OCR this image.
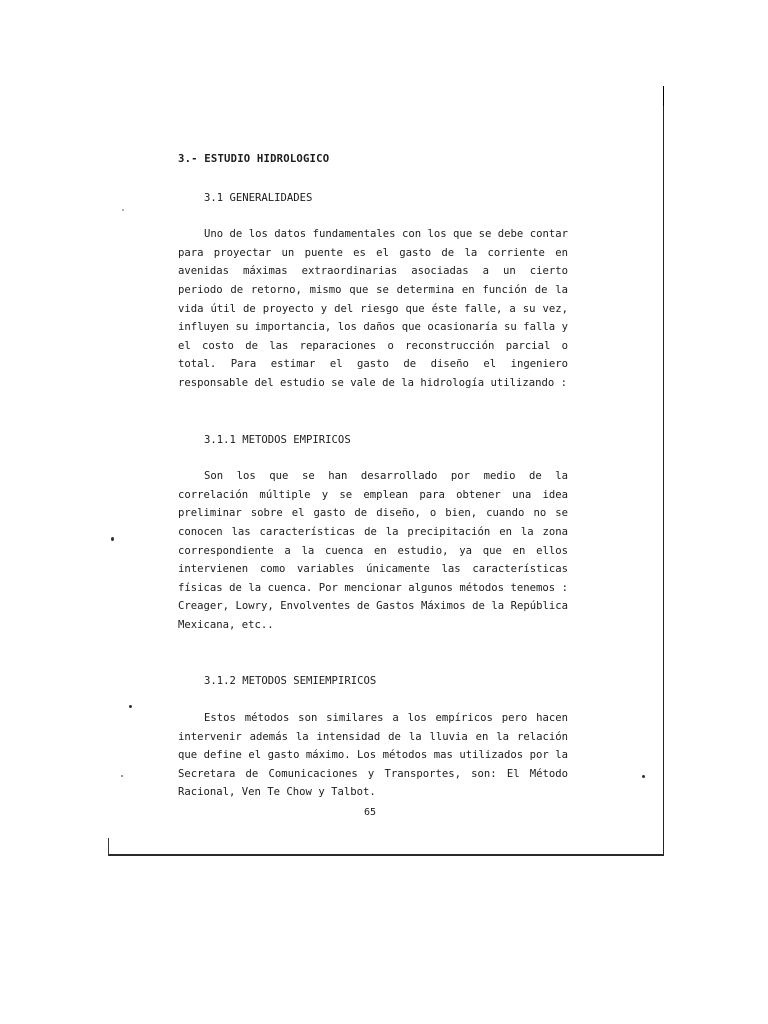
3.- ESTUDIO HIDROLOGICO
3.1 GENERALIDADES

Uno de los datos fundamentales con los que se debe contar para proyectar un puente es el gasto de la corriente en avenidas máximas extraordinarias asociadas a un cierto periodo de retorno, mismo que se determina en función de la vida útil de proyecto y del riesgo que éste falle, a su vez, influyen su importancia, los daños que ocasionaría su falla y el costo de las reparaciones o reconstrucción parcial o total. Para estimar el gasto de diseño el ingeniero responsable del estudio se vale de la hidrología utilizando :

3.1.1 METODOS EMPIRICOS

Son los que se han desarrollado por medio de la correlación múltiple y se emplean para obtener una idea preliminar sobre el gasto de diseño, o bien, cuando no se conocen las características de la precipitación en la zona correspondiente a la cuenca en estudio, ya que en ellos intervienen como variables únicamente las características físicas de la cuenca. Por mencionar algunos métodos tenemos : Creager, Lowry, Envolventes de Gastos Máximos de la República Mexicana, etc..

3.1.2 METODOS SEMIEMPIRICOS

Estos métodos son similares a los empíricos pero hacen intervenir además la intensidad de la lluvia en la relación que define el gasto máximo. Los métodos mas utilizados por la Secretara de Comunicaciones y Transportes, son: El Método Racional, Ven Te Chow y Talbot.

65
